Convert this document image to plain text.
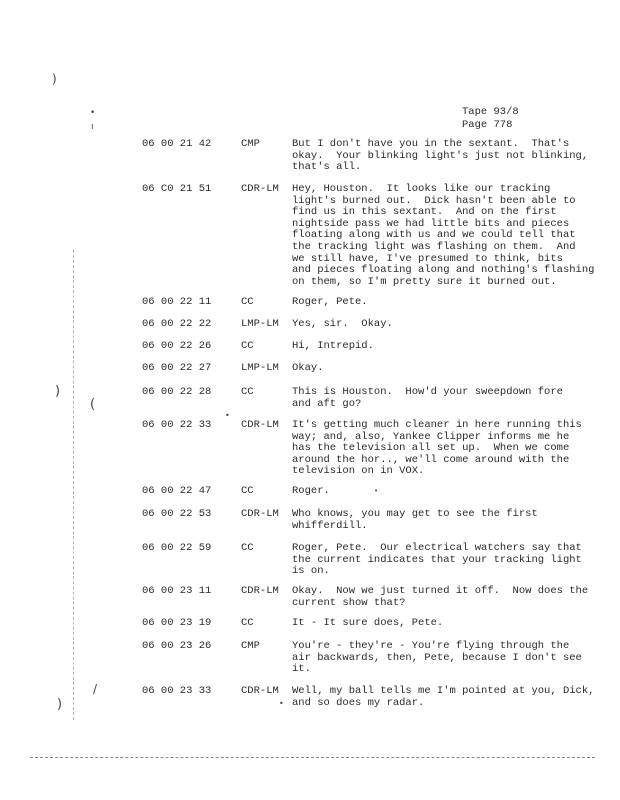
)
•
ı
)
(
/
)
•
•
•
Tape 93/8
Page 778
06 00 21 42	CMP	But I don't have you in the sextant.  That's
okay.  Your blinking light's just not blinking,
that's all.
06 C0 21 51	CDR-LM Hey, Houston.  It looks like our tracking
light's burned out.  Dick hasn't been able to
find us in this sextant.  And on the first
nightside pass we had little bits and pieces
floating along with us and we could tell that
the tracking light was flashing on them.  And
we still have, I've presumed to think, bits
and pieces floating along and nothing's flashing
on them, so I'm pretty sure it burned out.
06 00 22 11	CC	Roger, Pete.
06 00 22 22	LMP-LM Yes, sir.  Okay.
06 00 22 26	CC	Hi, Intrepid.
06 00 22 27	LMP-LM Okay.
06 00 22 28	CC	This is Houston.  How'd your sweepdown fore
and aft go?
06 00 22 33	CDR-LM It's getting much cleaner in here running this
way; and, also, Yankee Clipper informs me he
has the television all set up.  When we come
around the hor.., we'll come around with the
television on in VOX.
06 00 22 47	CC	Roger.
06 00 22 53	CDR-LM Who knows, you may get to see the first
whifferdill.
06 00 22 59	CC	Roger, Pete.  Our electrical watchers say that
the current indicates that your tracking light
is on.
06 00 23 11	CDR-LM Okay.  Now we just turned it off.  Now does the
current show that?
06 00 23 19	CC	It - It sure does, Pete.
06 00 23 26	CMP	You're - they're - You're flying through the
air backwards, then, Pete, because I don't see
it.
06 00 23 33	CDR-LM Well, my ball tells me I'm pointed at you, Dick,
and so does my radar.
